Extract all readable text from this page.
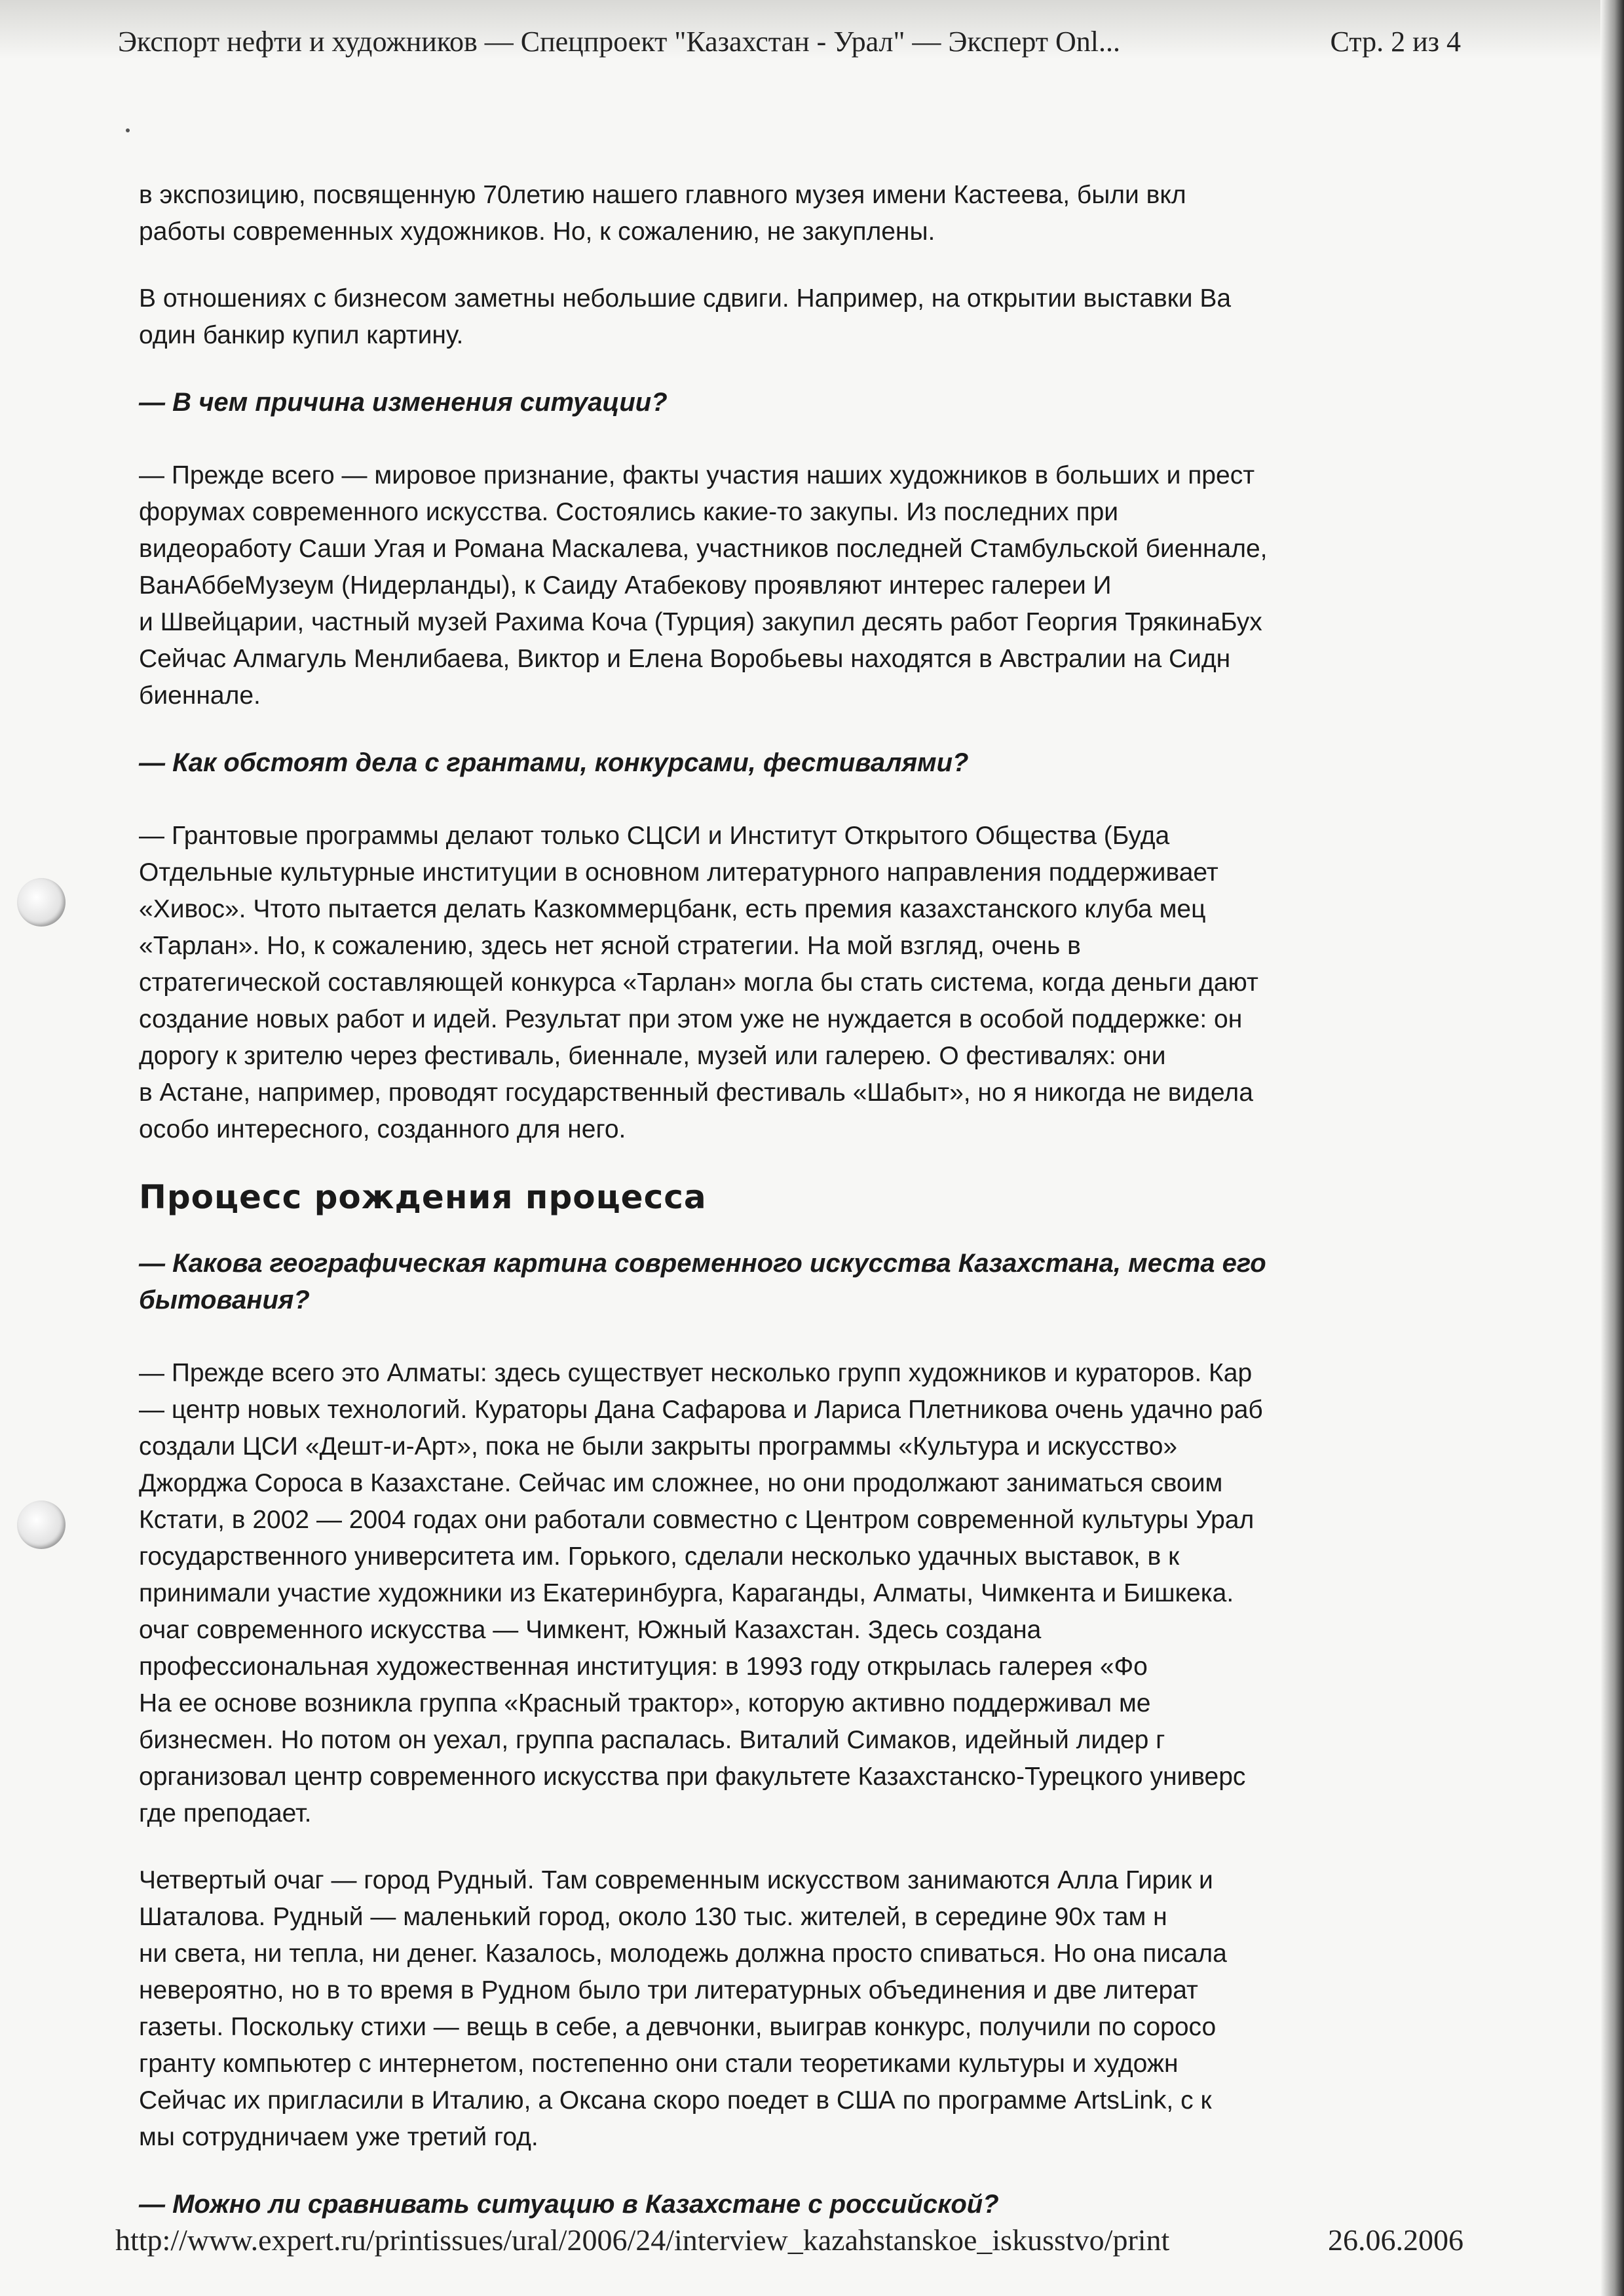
Экспорт нефти и художников — Спецпроект "Казахстан - Урал" — Эксперт Onl...	Стр. 2 из 4
в экспозицию, посвященную 70летию нашего главного музея имени Кастеева, были вкл
работы современных художников. Но, к сожалению, не закуплены.
В отношениях с бизнесом заметны небольшие сдвиги. Например, на открытии выставки Ва
один банкир купил картину.
— В чем причина изменения ситуации?
— Прежде всего — мировое признание, факты участия наших художников в больших и прест
форумах современного искусства. Состоялись какие-то закупы. Из последних при
видеоработу Саши Угая и Романа Маскалева, участников последней Стамбульской биеннале,
ВанАббеМузеум (Нидерланды), к Саиду Атабекову проявляют интерес галереи И
и Швейцарии, частный музей Рахима Коча (Турция) закупил десять работ Георгия ТрякинаБух
Сейчас Алмагуль Менлибаева, Виктор и Елена Воробьевы находятся в Австралии на Сидн
биеннале.
— Как обстоят дела с грантами, конкурсами, фестивалями?
— Грантовые программы делают только СЦСИ и Институт Открытого Общества (Буда
Отдельные культурные институции в основном литературного направления поддерживает
«Хивос». Чтото пытается делать Казкоммерцбанк, есть премия казахстанского клуба мец
«Тарлан». Но, к сожалению, здесь нет ясной стратегии. На мой взгляд, очень в
стратегической составляющей конкурса «Тарлан» могла бы стать система, когда деньги дают
создание новых работ и идей. Результат при этом уже не нуждается в особой поддержке: он
дорогу к зрителю через фестиваль, биеннале, музей или галерею. О фестивалях: они
в Астане, например, проводят государственный фестиваль «Шабыт», но я никогда не видела
особо интересного, созданного для него.
Процесс рождения процесса
— Какова географическая картина современного искусства Казахстана, места его
бытования?
— Прежде всего это Алматы: здесь существует несколько групп художников и кураторов. Кар
— центр новых технологий. Кураторы Дана Сафарова и Лариса Плетникова очень удачно раб
создали ЦСИ «Дешт-и-Арт», пока не были закрыты программы «Культура и искусство»
Джорджа Сороса в Казахстане. Сейчас им сложнее, но они продолжают заниматься своим
Кстати, в 2002 — 2004 годах они работали совместно с Центром современной культуры Урал
государственного университета им. Горького, сделали несколько удачных выставок, в к
принимали участие художники из Екатеринбурга, Караганды, Алматы, Чимкента и Бишкека.
очаг современного искусства — Чимкент, Южный Казахстан. Здесь создана
профессиональная художественная институция: в 1993 году открылась галерея «Фо
На ее основе возникла группа «Красный трактор», которую активно поддерживал ме
бизнесмен. Но потом он уехал, группа распалась. Виталий Симаков, идейный лидер г
организовал центр современного искусства при факультете Казахстанско-Турецкого универс
где преподает.
Четвертый очаг — город Рудный. Там современным искусством занимаются Алла Гирик и
Шаталова. Рудный — маленький город, около 130 тыс. жителей, в середине 90х там н
ни света, ни тепла, ни денег. Казалось, молодежь должна просто спиваться. Но она писала
невероятно, но в то время в Рудном было три литературных объединения и две литерат
газеты. Поскольку стихи — вещь в себе, а девчонки, выиграв конкурс, получили по соросо
гранту компьютер с интернетом, постепенно они стали теоретиками культуры и художн
Сейчас их пригласили в Италию, а Оксана скоро поедет в США по программе ArtsLink, с к
мы сотрудничаем уже третий год.
— Можно ли сравнивать ситуацию в Казахстане с российской?
http://www.expert.ru/printissues/ural/2006/24/interview_kazahstanskoe_iskusstvo/print	26.06.2006
